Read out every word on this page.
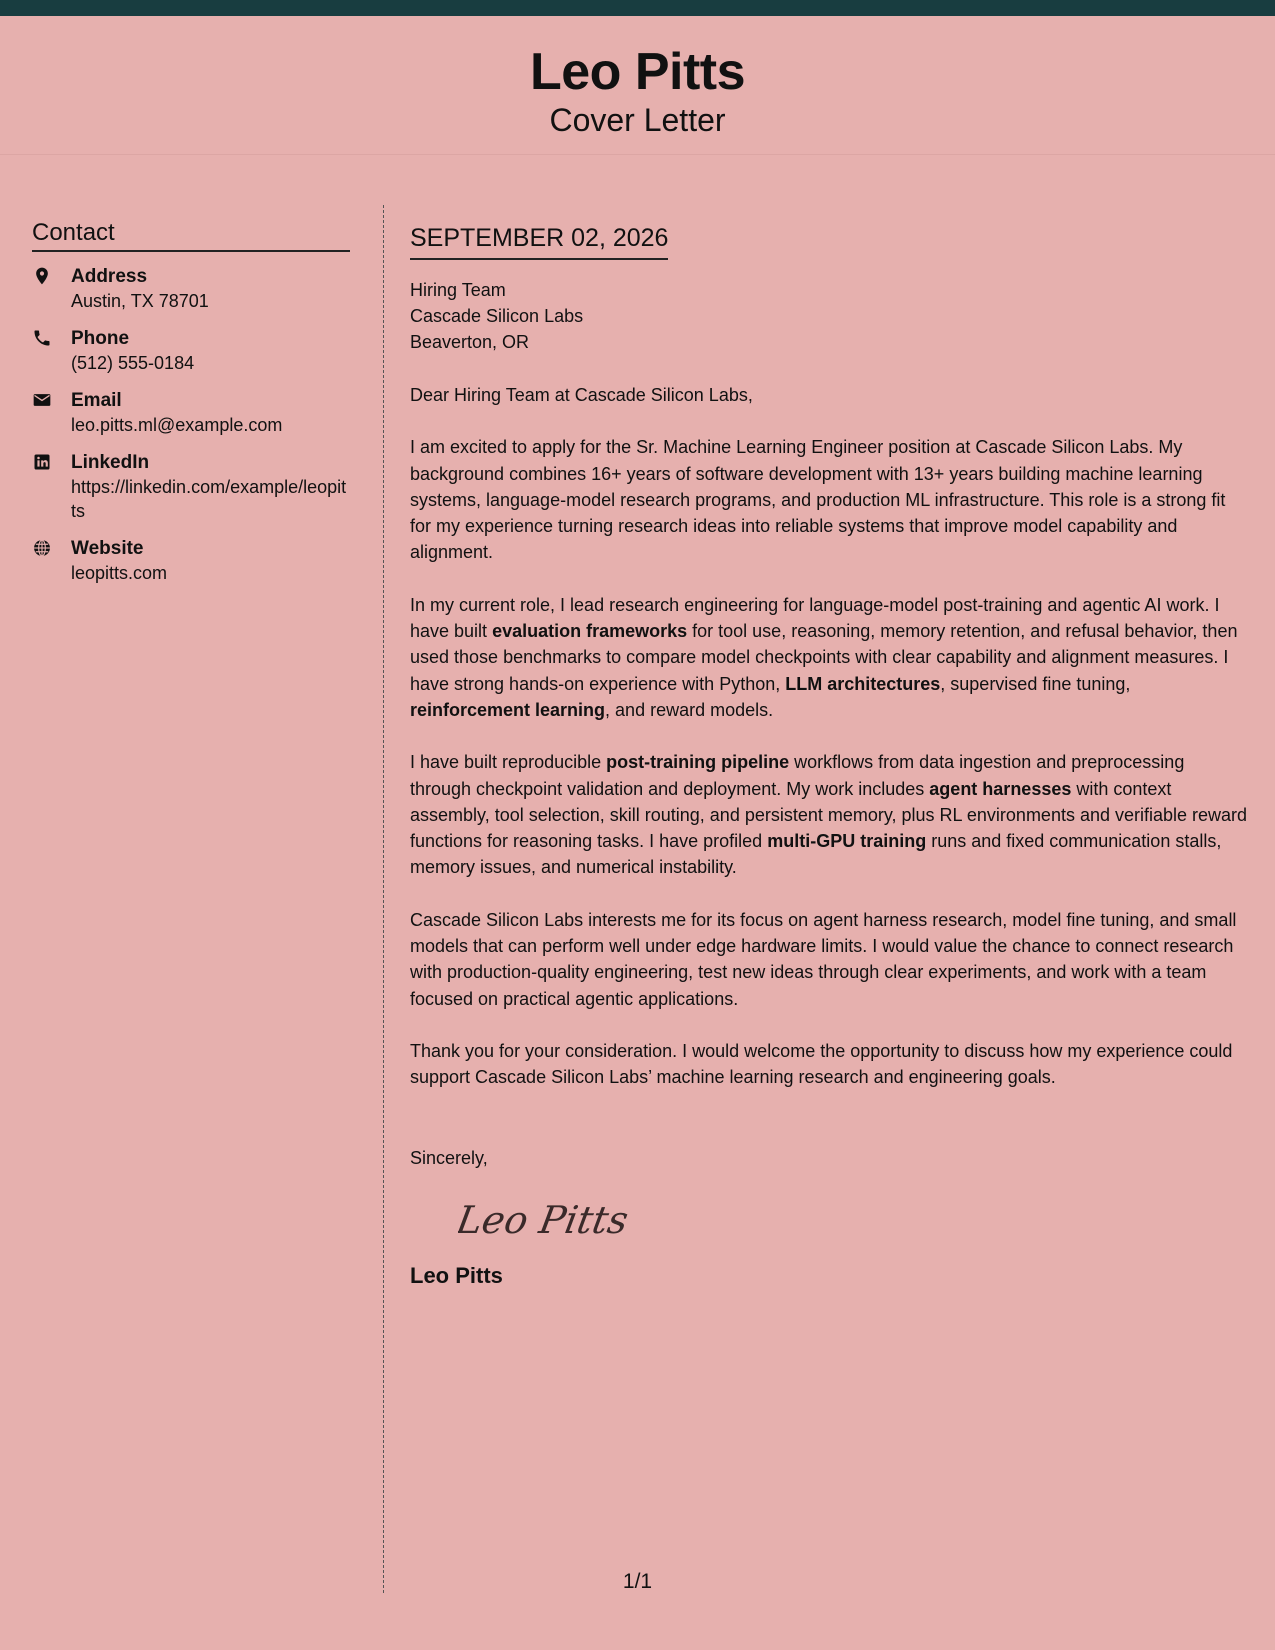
Leo Pitts
Cover Letter
Contact
Address
Austin, TX 78701
Phone
(512) 555-0184
Email
leo.pitts.ml@example.com
LinkedIn
https://linkedin.com/example/leopitts
Website
leopitts.com
SEPTEMBER 02, 2026
Hiring Team
Cascade Silicon Labs
Beaverton, OR
Dear Hiring Team at Cascade Silicon Labs,
I am excited to apply for the Sr. Machine Learning Engineer position at Cascade Silicon Labs. My background combines 16+ years of software development with 13+ years building machine learning systems, language-model research programs, and production ML infrastructure. This role is a strong fit for my experience turning research ideas into reliable systems that improve model capability and alignment.
In my current role, I lead research engineering for language-model post-training and agentic AI work. I have built evaluation frameworks for tool use, reasoning, memory retention, and refusal behavior, then used those benchmarks to compare model checkpoints with clear capability and alignment measures. I have strong hands-on experience with Python, LLM architectures, supervised fine tuning, reinforcement learning, and reward models.
I have built reproducible post-training pipeline workflows from data ingestion and preprocessing through checkpoint validation and deployment. My work includes agent harnesses with context assembly, tool selection, skill routing, and persistent memory, plus RL environments and verifiable reward functions for reasoning tasks. I have profiled multi-GPU training runs and fixed communication stalls, memory issues, and numerical instability.
Cascade Silicon Labs interests me for its focus on agent harness research, model fine tuning, and small models that can perform well under edge hardware limits. I would value the chance to connect research with production-quality engineering, test new ideas through clear experiments, and work with a team focused on practical agentic applications.
Thank you for your consideration. I would welcome the opportunity to discuss how my experience could support Cascade Silicon Labs’ machine learning research and engineering goals.
Sincerely,
Leo Pitts
Leo Pitts
1/1
